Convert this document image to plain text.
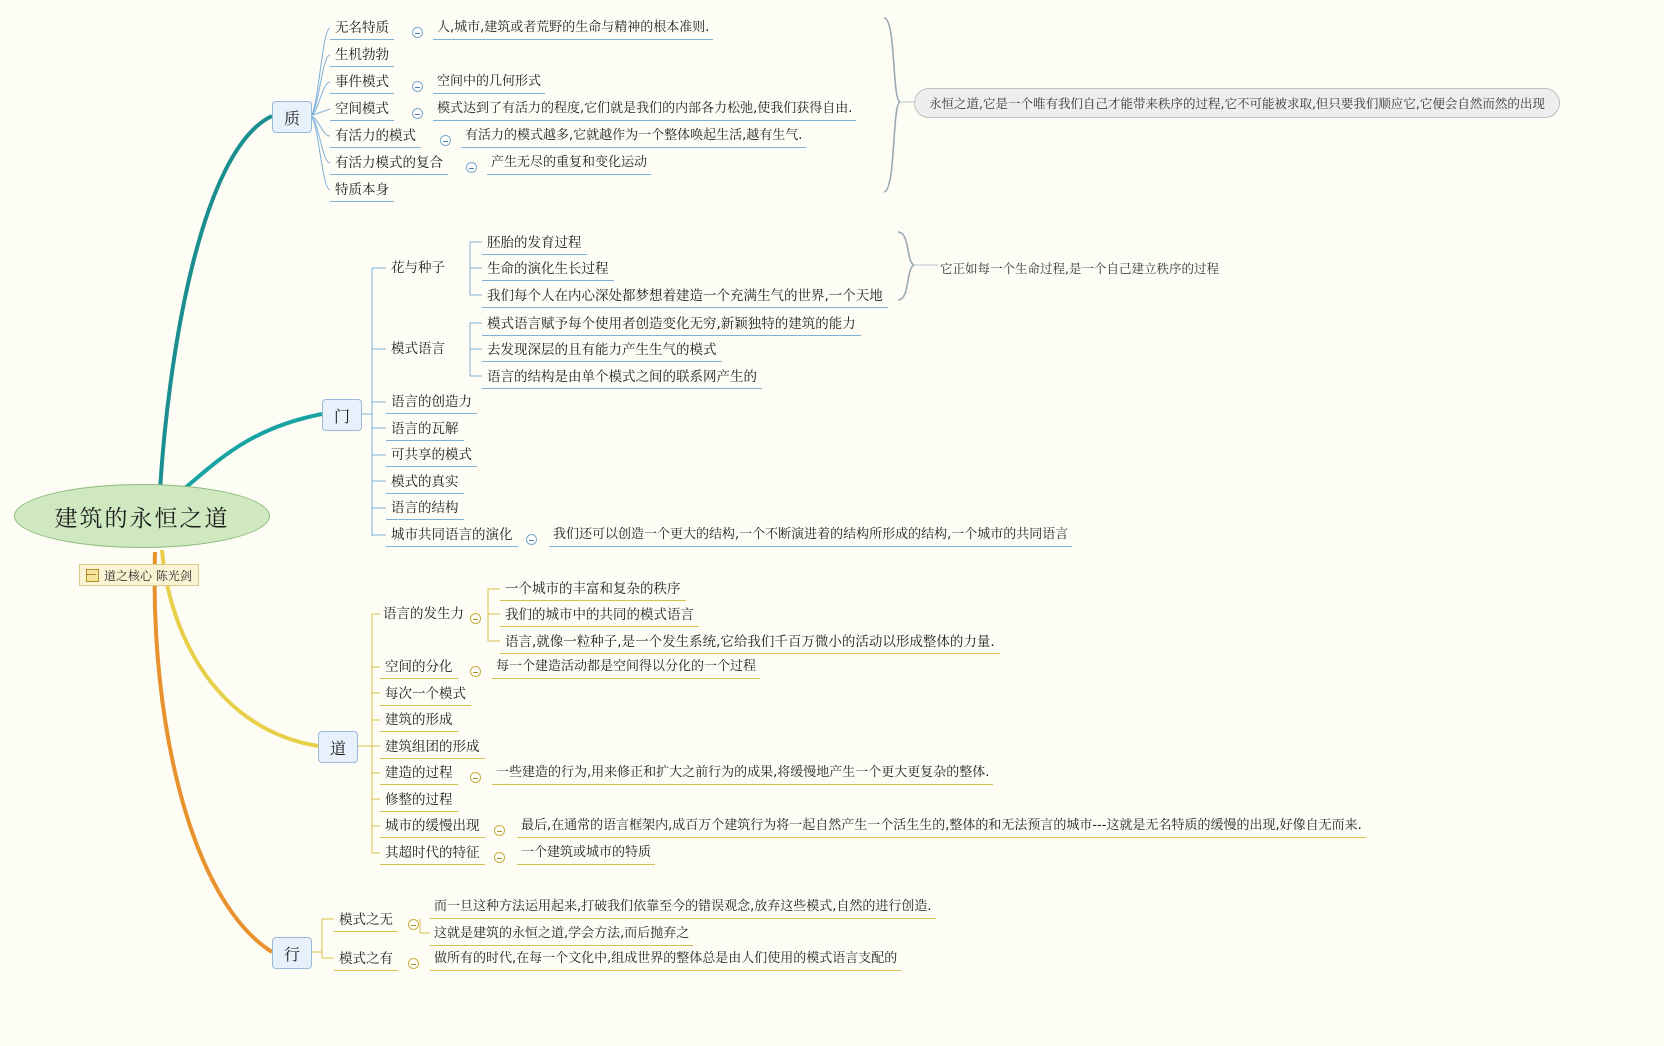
建筑的永恒之道
道之核心 陈光剑
质
无名特质	人,城市,建筑或者荒野的生命与精神的根本准则.
生机勃勃
事件模式	空间中的几何形式
空间模式	模式达到了有活力的程度,它们就是我们的内部各力松弛,使我们获得自由.
有活力的模式	有活力的模式越多,它就越作为一个整体唤起生活,越有生气.
有活力模式的复合	产生无尽的重复和变化运动
特质本身
永恒之道,它是一个唯有我们自己才能带来秩序的过程,它不可能被求取,但只要我们顺应它,它便会自然而然的出现
门
花与种子
胚胎的发育过程
生命的演化生长过程
我们每个人在内心深处都梦想着建造一个充满生气的世界,一个天地
它正如每一个生命过程,是一个自己建立秩序的过程
模式语言
模式语言赋予每个使用者创造变化无穷,新颖独特的建筑的能力
去发现深层的且有能力产生生气的模式
语言的结构是由单个模式之间的联系网产生的
语言的创造力
语言的瓦解
可共享的模式
模式的真实
语言的结构
城市共同语言的演化	我们还可以创造一个更大的结构,一个不断演进着的结构所形成的结构,一个城市的共同语言
道
语言的发生力
一个城市的丰富和复杂的秩序
我们的城市中的共同的模式语言
语言,就像一粒种子,是一个发生系统,它给我们千百万微小的活动以形成整体的力量.
空间的分化	每一个建造活动都是空间得以分化的一个过程
每次一个模式
建筑的形成
建筑组团的形成
建造的过程	一些建造的行为,用来修正和扩大之前行为的成果,将缓慢地产生一个更大更复杂的整体.
修整的过程
城市的缓慢出现	最后,在通常的语言框架内,成百万个建筑行为将一起自然产生一个活生生的,整体的和无法预言的城市---这就是无名特质的缓慢的出现,好像自无而来.
其超时代的特征	一个建筑或城市的特质
行
模式之无
而一旦这种方法运用起来,打破我们依靠至今的错误观念,放弃这些模式,自然的进行创造.
这就是建筑的永恒之道,学会方法,而后抛弃之
模式之有	做所有的时代,在每一个文化中,组成世界的整体总是由人们使用的模式语言支配的
